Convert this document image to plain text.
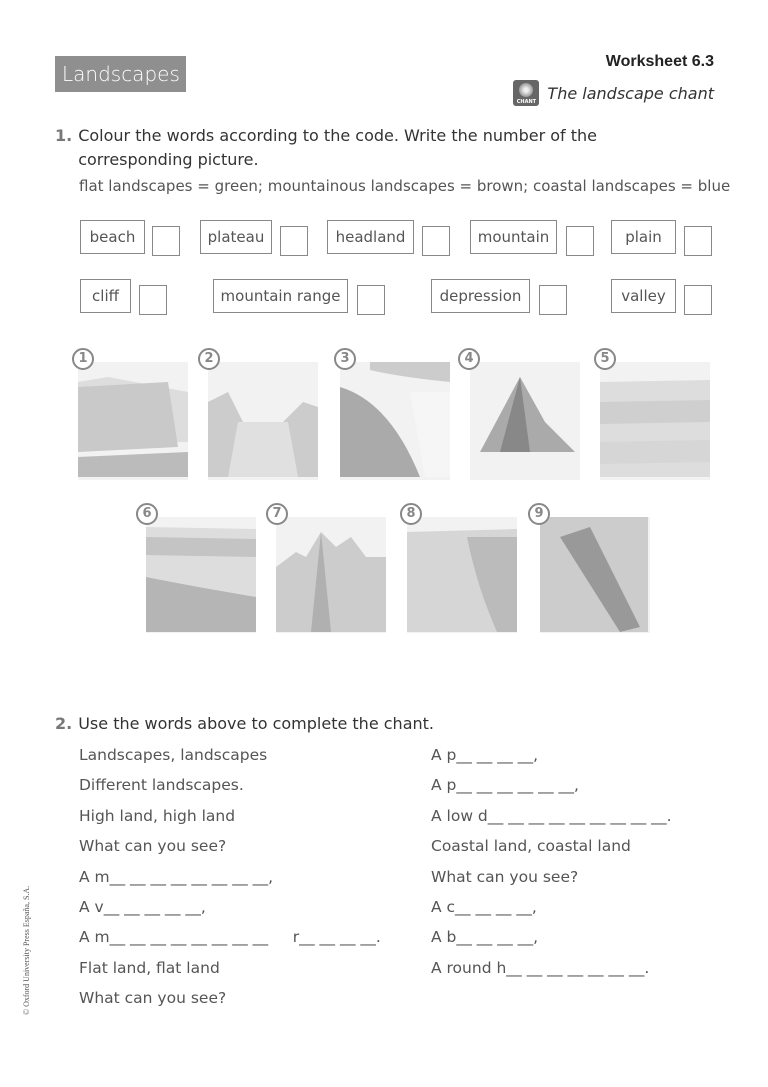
Landscapes
Worksheet 6.3
CHANT The landscape chant
1. Colour the words according to the code. Write the number of the corresponding picture.
flat landscapes = green; mountainous landscapes = brown; coastal landscapes = blue
beach	plateau	headland	mountain	plain
cliff	mountain range	depression	valley
1	2	3	4	5
6	7	8	9
2. Use the words above to complete the chant.
Landscapes, landscapes
Different landscapes.
High land, high land
What can you see?
A m__ __ __ __ __ __ __ __,
A v__ __ __ __ __,
A m__ __ __ __ __ __ __ __     r__ __ __ __.
Flat land, flat land
What can you see?
A p__ __ __ __,
A p__ __ __ __ __ __,
A low d__ __ __ __ __ __ __ __ __.
Coastal land, coastal land
What can you see?
A c__ __ __ __,
A b__ __ __ __,
A round h__ __ __ __ __ __ __.
© Oxford University Press España, S.A.
